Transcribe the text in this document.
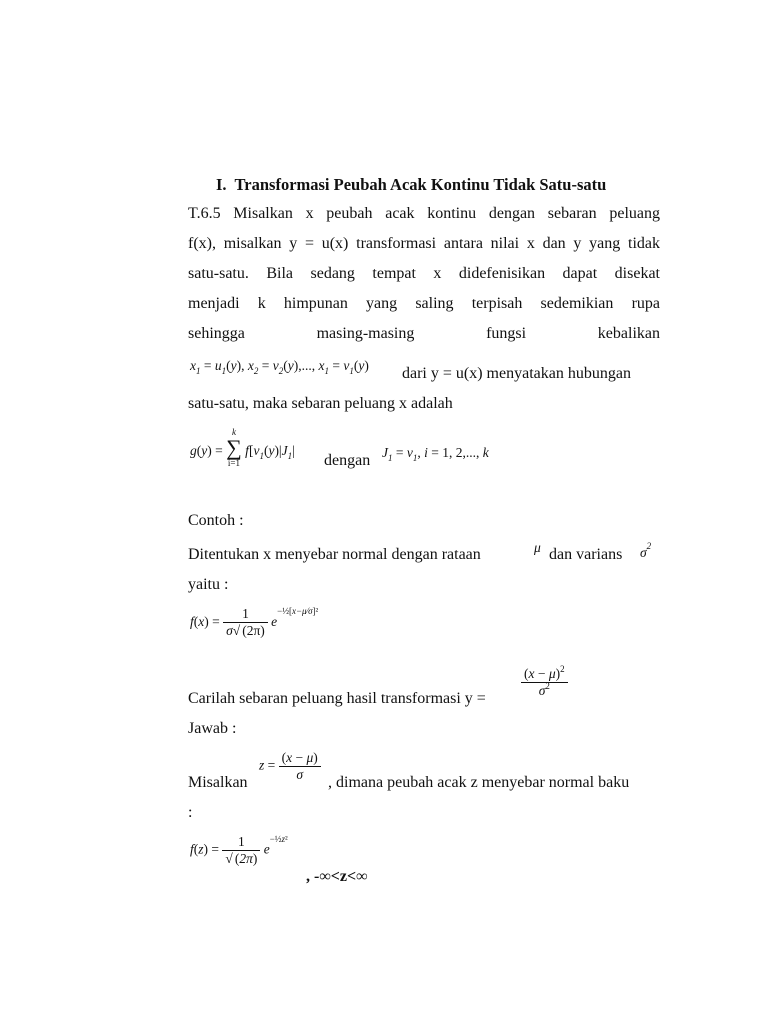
I. Transformasi Peubah Acak Kontinu Tidak Satu-satu
T.6.5 Misalkan x peubah acak kontinu dengan sebaran peluang
f(x), misalkan y = u(x) transformasi antara nilai x dan y yang tidak
satu-satu. Bila sedang tempat x didefenisikan dapat disekat
menjadi k himpunan yang saling terpisah sedemikian rupa
sehingga masing-masing fungsi kebalikan
$x_1 = u_1(y)$, $x_2 = v_2(y)$,..., $x_1 = v_1(y)$ dari y = u(x) menyatakan hubungan
satu-satu, maka sebaran peluang x adalah
g(y) =
k
∑
i=1
$f[v_1(y)|J_1|$
dengan $J_1 = v_1$, i = 1, 2,..., k
Contoh :
Ditentukan x menyebar normal dengan rataan	μ dan varians $\sigma^2$
yaitu :
$f(x) = \frac{1}{\sigma√ (2\pi)} e^{-\frac{1}{2}[x-\mu⁄\sigma]^2}$
Carilah sebaran peluang hasil transformasi y =	$\frac{(x - \mu)^2}{\sigma^2}$
Jawab :
Misalkan
$z = \frac{(x - \mu)}{\sigma}$ , dimana peubah acak z menyebar normal baku
:
$f(z) = \frac{1}{√ (2\pi)} e^{-\frac{1}{2}z^2}$
, -∞<z<∞
